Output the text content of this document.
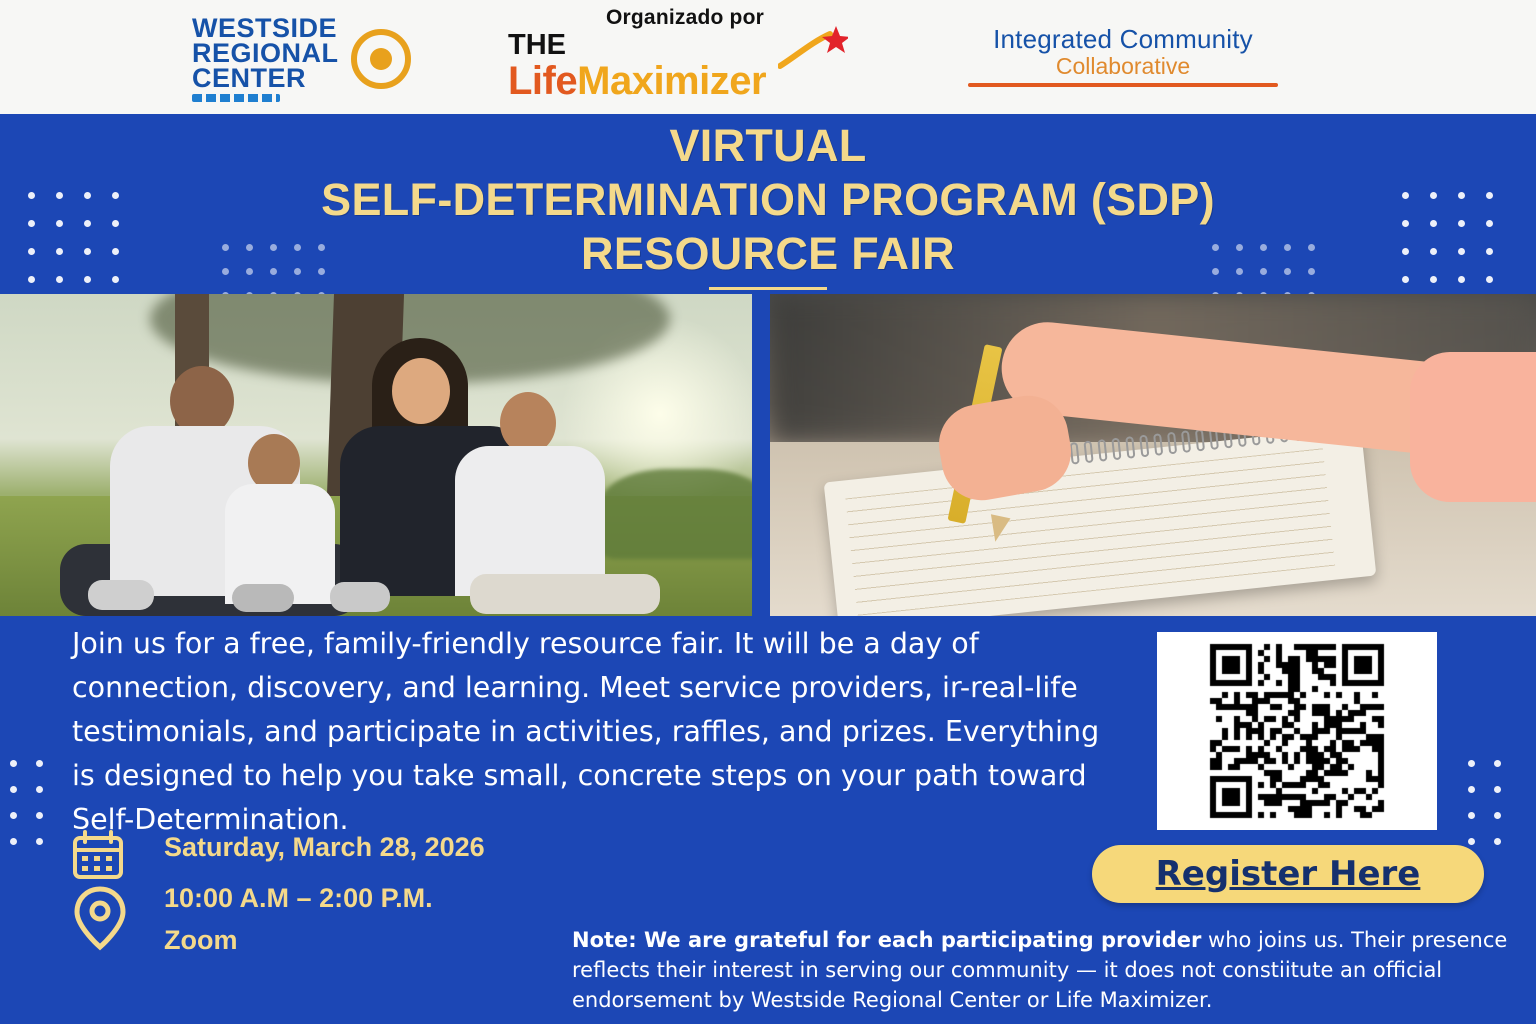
WESTSIDE
REGIONAL
CENTER
Organizado por
THE
LifeMaximizer
Integrated Community
Collaborative
VIRTUAL
SELF-DETERMINATION PROGRAM (SDP)
RESOURCE FAIR

Join us for a free, family-friendly resource fair. It will be a day of connection, discovery, and learning. Meet service providers, ir-real-life testimonials, and participate in activities, raffles, and prizes. Everything is designed to help you take small, concrete steps on your path toward Self-Determination.

Saturday, March 28, 2026
10:00 A.M – 2:00 P.M.
Zoom
Register Here
Note: We are grateful for each participating provider who joins us. Their presence reflects their interest in serving our community — it does not constiitute an official endorsement by Westside Regional Center or Life Maximizer.
